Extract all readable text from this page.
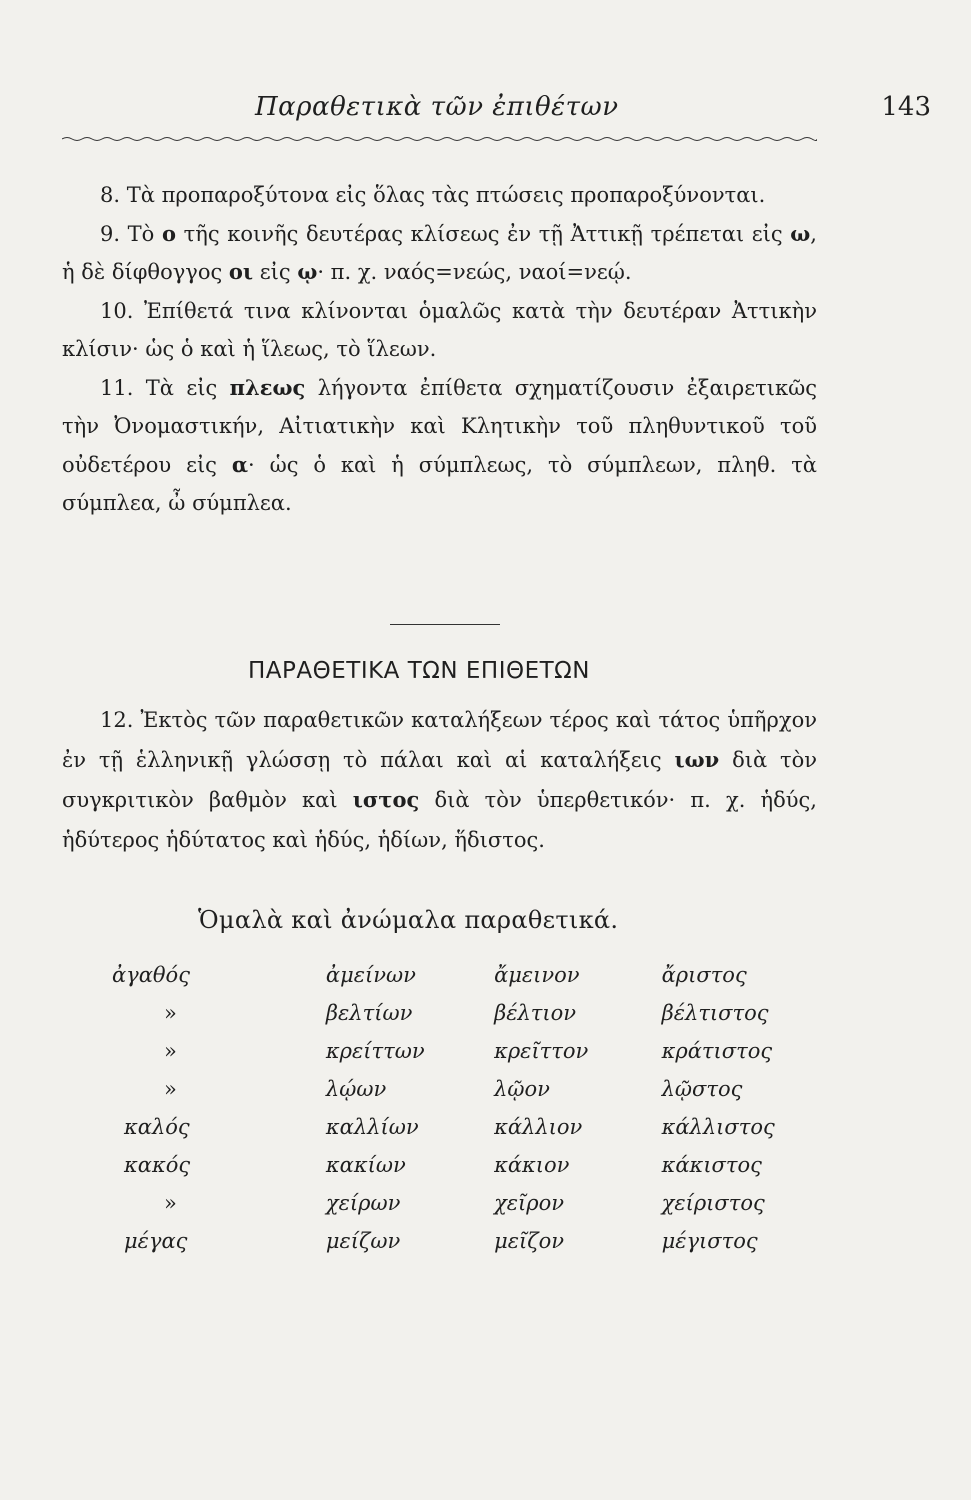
Παραθετικὰ τῶν ἐπιθέτων	143

8. Τὰ προπαροξύτονα εἰς ὅλας τὰς πτώσεις προπαροξύνονται.

9. Τὸ ο τῆς κοινῆς δευτέρας κλίσεως ἐν τῇ Ἀττικῇ τρέπεται εἰς ω, ἡ δὲ δίφθογγος οι εἰς ῳ· π. χ. ναός=νεώς, ναοί=νεῴ.

10. Ἐπίθετά τινα κλίνονται ὁμαλῶς κατὰ τὴν δευτέραν Ἀττικὴν κλίσιν· ὡς ὁ καὶ ἡ ἵλεως, τὸ ἵλεων.

11. Τὰ εἰς πλεως λήγοντα ἐπίθετα σχηματίζουσιν ἐξαιρετικῶς τὴν Ὀνομαστικήν, Αἰτιατικὴν καὶ Κλητικὴν τοῦ πληθυντικοῦ τοῦ οὐδετέρου εἰς α· ὡς ὁ καὶ ἡ σύμπλεως, τὸ σύμπλεων, πληθ. τὰ σύμπλεα, ὦ σύμπλεα.

ΠΑΡΑΘΕΤΙΚΑ ΤΩΝ ΕΠΙΘΕΤΩΝ

12. Ἐκτὸς τῶν παραθετικῶν καταλήξεων τέρος καὶ τάτος ὑπῆρχον ἐν τῇ ἑλληνικῇ γλώσσῃ τὸ πάλαι καὶ αἱ καταλήξεις ιων διὰ τὸν συγκριτικὸν βαθμὸν καὶ ιστος διὰ τὸν ὑπερθετικόν· π. χ. ἡδύς, ἡδύτερος ἡδύτατος καὶ ἡδύς, ἡδίων, ἥδιστος.

Ὁμαλὰ καὶ ἀνώμαλα παραθετικά.
ἀγαθός	ἀμείνων	ἄμεινον	ἄριστος
»	βελτίων	βέλτιον	βέλτιστος
»	κρείττων	κρεῖττον	κράτιστος
»	λῴων	λῷον	λῷστος
καλός	καλλίων	κάλλιον	κάλλιστος
κακός	κακίων	κάκιον	κάκιστος
»	χείρων	χεῖρον	χείριστος
μέγας	μείζων	μεῖζον	μέγιστος
